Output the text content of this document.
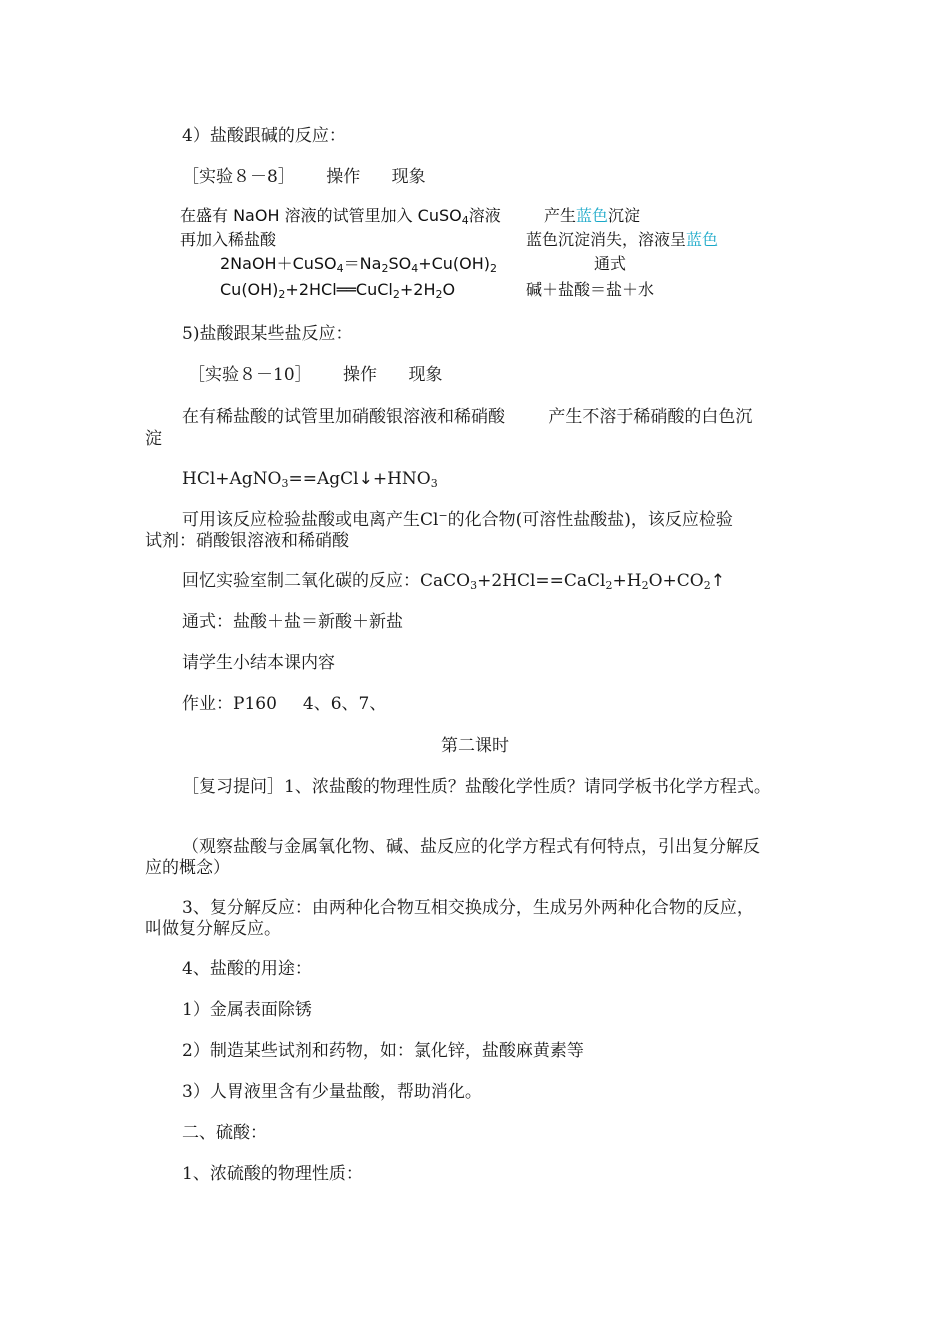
4）盐酸跟碱的反应：
［实验８－8］ 操作 现象
在盛有 NaOH 溶液的试管里加入 CuSO$_4$溶液	产生蓝色沉淀
再加入稀盐酸	蓝色沉淀消失，溶液呈蓝色
$2NaOH+CuSO_4=Na_2SO_4+Cu(OH)_2$	通式
$Cu(OH)_2+2HCl══CuCl_2+2H_2O$	碱＋盐酸＝盐＋水
5)盐酸跟某些盐反应：
［实验８－10］ 操作 现象
在有稀盐酸的试管里加硝酸银溶液和稀硝酸	产生不溶于稀硝酸的白色沉
淀
$HCl+AgNO_3==AgCl↓+HNO_3$
可用该反应检验盐酸或电离产生Cl−的化合物(可溶性盐酸盐)，该反应检验
试剂：硝酸银溶液和稀硝酸
回忆实验室制二氧化碳的反应：$CaCO_3+2HCl==CaCl_2+H_2O+CO_2↑$
通式：盐酸＋盐＝新酸＋新盐
请学生小结本课内容
作业：P160 4、6、7、
第二课时
［复习提问］1、浓盐酸的物理性质？盐酸化学性质？请同学板书化学方程式。
（观察盐酸与金属氧化物、碱、盐反应的化学方程式有何特点，引出复分解反
应的概念）
3、复分解反应：由两种化合物互相交换成分，生成另外两种化合物的反应，
叫做复分解反应。
4、盐酸的用途：
1）金属表面除锈
2）制造某些试剂和药物，如：氯化锌，盐酸麻黄素等
3）人胃液里含有少量盐酸，帮助消化。
二、硫酸：
1、浓硫酸的物理性质：
